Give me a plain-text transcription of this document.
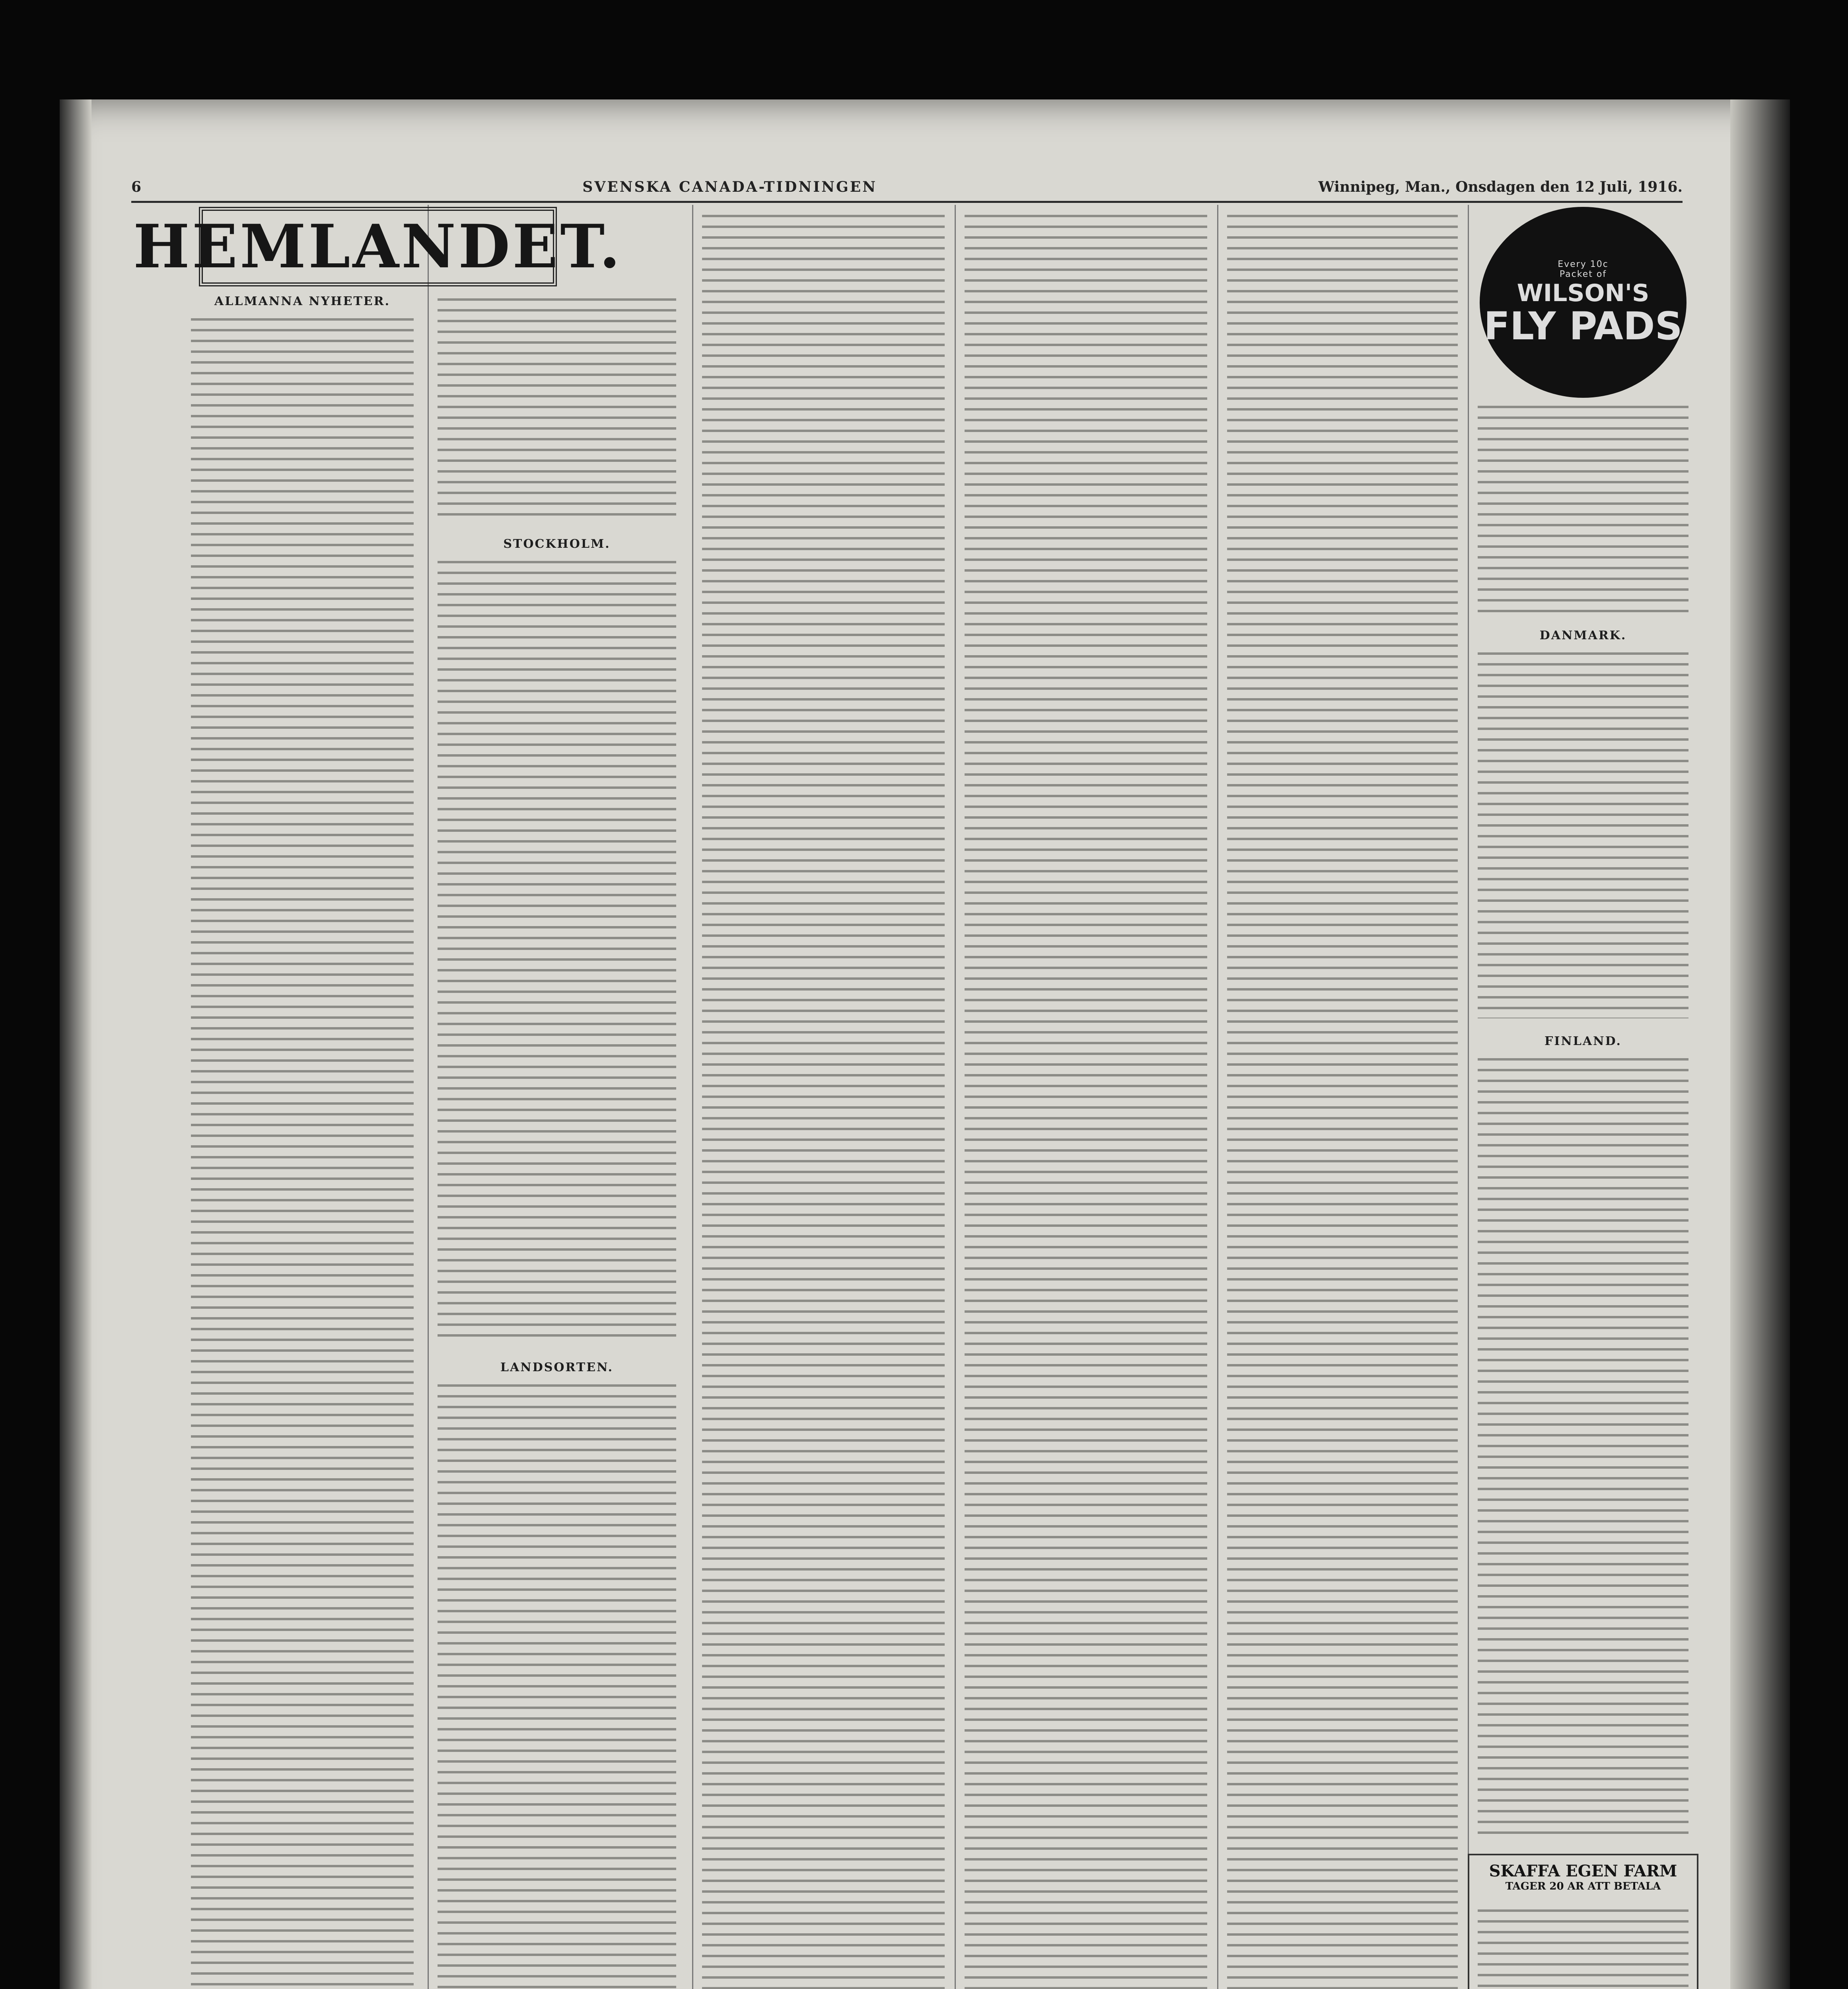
6	SVENSKA CANADA-TIDNINGEN	Winnipeg, Man., Onsdagen den 12 Juli, 1916.
HEMLANDET.
ALLMANNA NYHETER.
STOCKHOLM.
LANDSORTEN.
Every 10c
Packet of
WILSON'S
FLY PADS
DANMARK.
FINLAND.
SKAFFA EGEN FARM
TAGER 20 AR ATT BETALA
